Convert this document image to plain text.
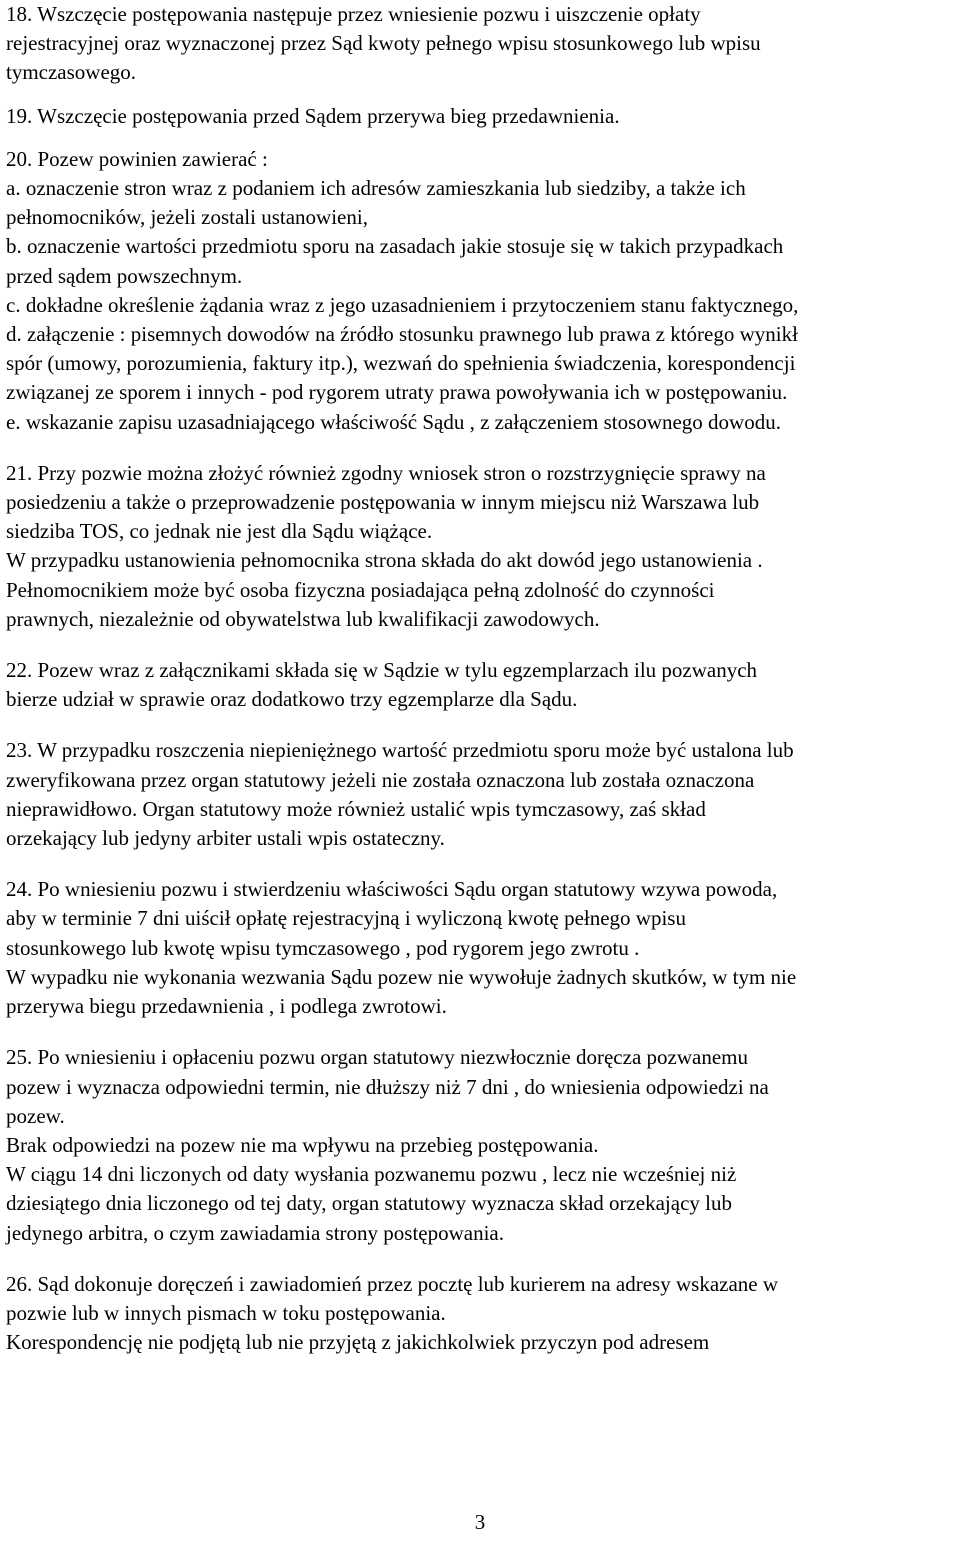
18. Wszczęcie postępowania następuje przez wniesienie pozwu i uiszczenie opłaty
rejestracyjnej oraz wyznaczonej przez Sąd kwoty pełnego wpisu stosunkowego lub wpisu
tymczasowego.
19. Wszczęcie postępowania przed Sądem przerywa bieg przedawnienia.
20. Pozew powinien zawierać :
a. oznaczenie stron wraz z podaniem ich adresów zamieszkania lub siedziby, a także ich
pełnomocników, jeżeli zostali ustanowieni,
b. oznaczenie wartości przedmiotu sporu na zasadach jakie stosuje się w takich przypadkach
przed sądem powszechnym.
c. dokładne określenie żądania wraz z jego uzasadnieniem i przytoczeniem stanu faktycznego,
d. załączenie : pisemnych dowodów na źródło stosunku prawnego lub prawa z którego wynikł
spór (umowy, porozumienia, faktury itp.), wezwań do spełnienia świadczenia, korespondencji
związanej ze sporem i innych - pod rygorem utraty prawa powoływania ich w postępowaniu.
e. wskazanie zapisu uzasadniającego właściwość Sądu , z załączeniem stosownego dowodu.
21. Przy pozwie można złożyć również zgodny wniosek stron o rozstrzygnięcie sprawy na
posiedzeniu a także o przeprowadzenie postępowania w innym miejscu niż Warszawa lub
siedziba TOS, co jednak nie jest dla Sądu wiążące.
W przypadku ustanowienia pełnomocnika strona składa do akt dowód jego ustanowienia .
Pełnomocnikiem może być osoba fizyczna posiadająca pełną zdolność do czynności
prawnych, niezależnie od obywatelstwa lub kwalifikacji zawodowych.
22. Pozew wraz z załącznikami składa się w Sądzie w tylu egzemplarzach ilu pozwanych
bierze udział w sprawie oraz dodatkowo trzy egzemplarze dla Sądu.
23. W przypadku roszczenia niepieniężnego wartość przedmiotu sporu może być ustalona lub
zweryfikowana przez organ statutowy jeżeli nie została oznaczona lub została oznaczona
nieprawidłowo. Organ statutowy może również ustalić wpis tymczasowy, zaś skład
orzekający lub jedyny arbiter ustali wpis ostateczny.
24. Po wniesieniu pozwu i stwierdzeniu właściwości Sądu organ statutowy wzywa powoda,
aby w terminie 7 dni uiścił opłatę rejestracyjną i wyliczoną kwotę pełnego wpisu
stosunkowego lub kwotę wpisu tymczasowego , pod rygorem jego zwrotu .
W wypadku nie wykonania wezwania Sądu pozew nie wywołuje żadnych skutków, w tym nie
przerywa biegu przedawnienia , i podlega zwrotowi.
25. Po wniesieniu i opłaceniu pozwu organ statutowy niezwłocznie doręcza pozwanemu
pozew i wyznacza odpowiedni termin, nie dłuższy niż 7 dni , do wniesienia odpowiedzi na
pozew.
Brak odpowiedzi na pozew nie ma wpływu na przebieg postępowania.
W ciągu 14 dni liczonych od daty wysłania pozwanemu pozwu , lecz nie wcześniej niż
dziesiątego dnia liczonego od tej daty, organ statutowy wyznacza skład orzekający lub
jedynego arbitra, o czym zawiadamia strony postępowania.
26. Sąd dokonuje doręczeń i zawiadomień przez pocztę lub kurierem na adresy wskazane w
pozwie lub w innych pismach w toku postępowania.
Korespondencję nie podjętą lub nie przyjętą z jakichkolwiek przyczyn pod adresem
3
